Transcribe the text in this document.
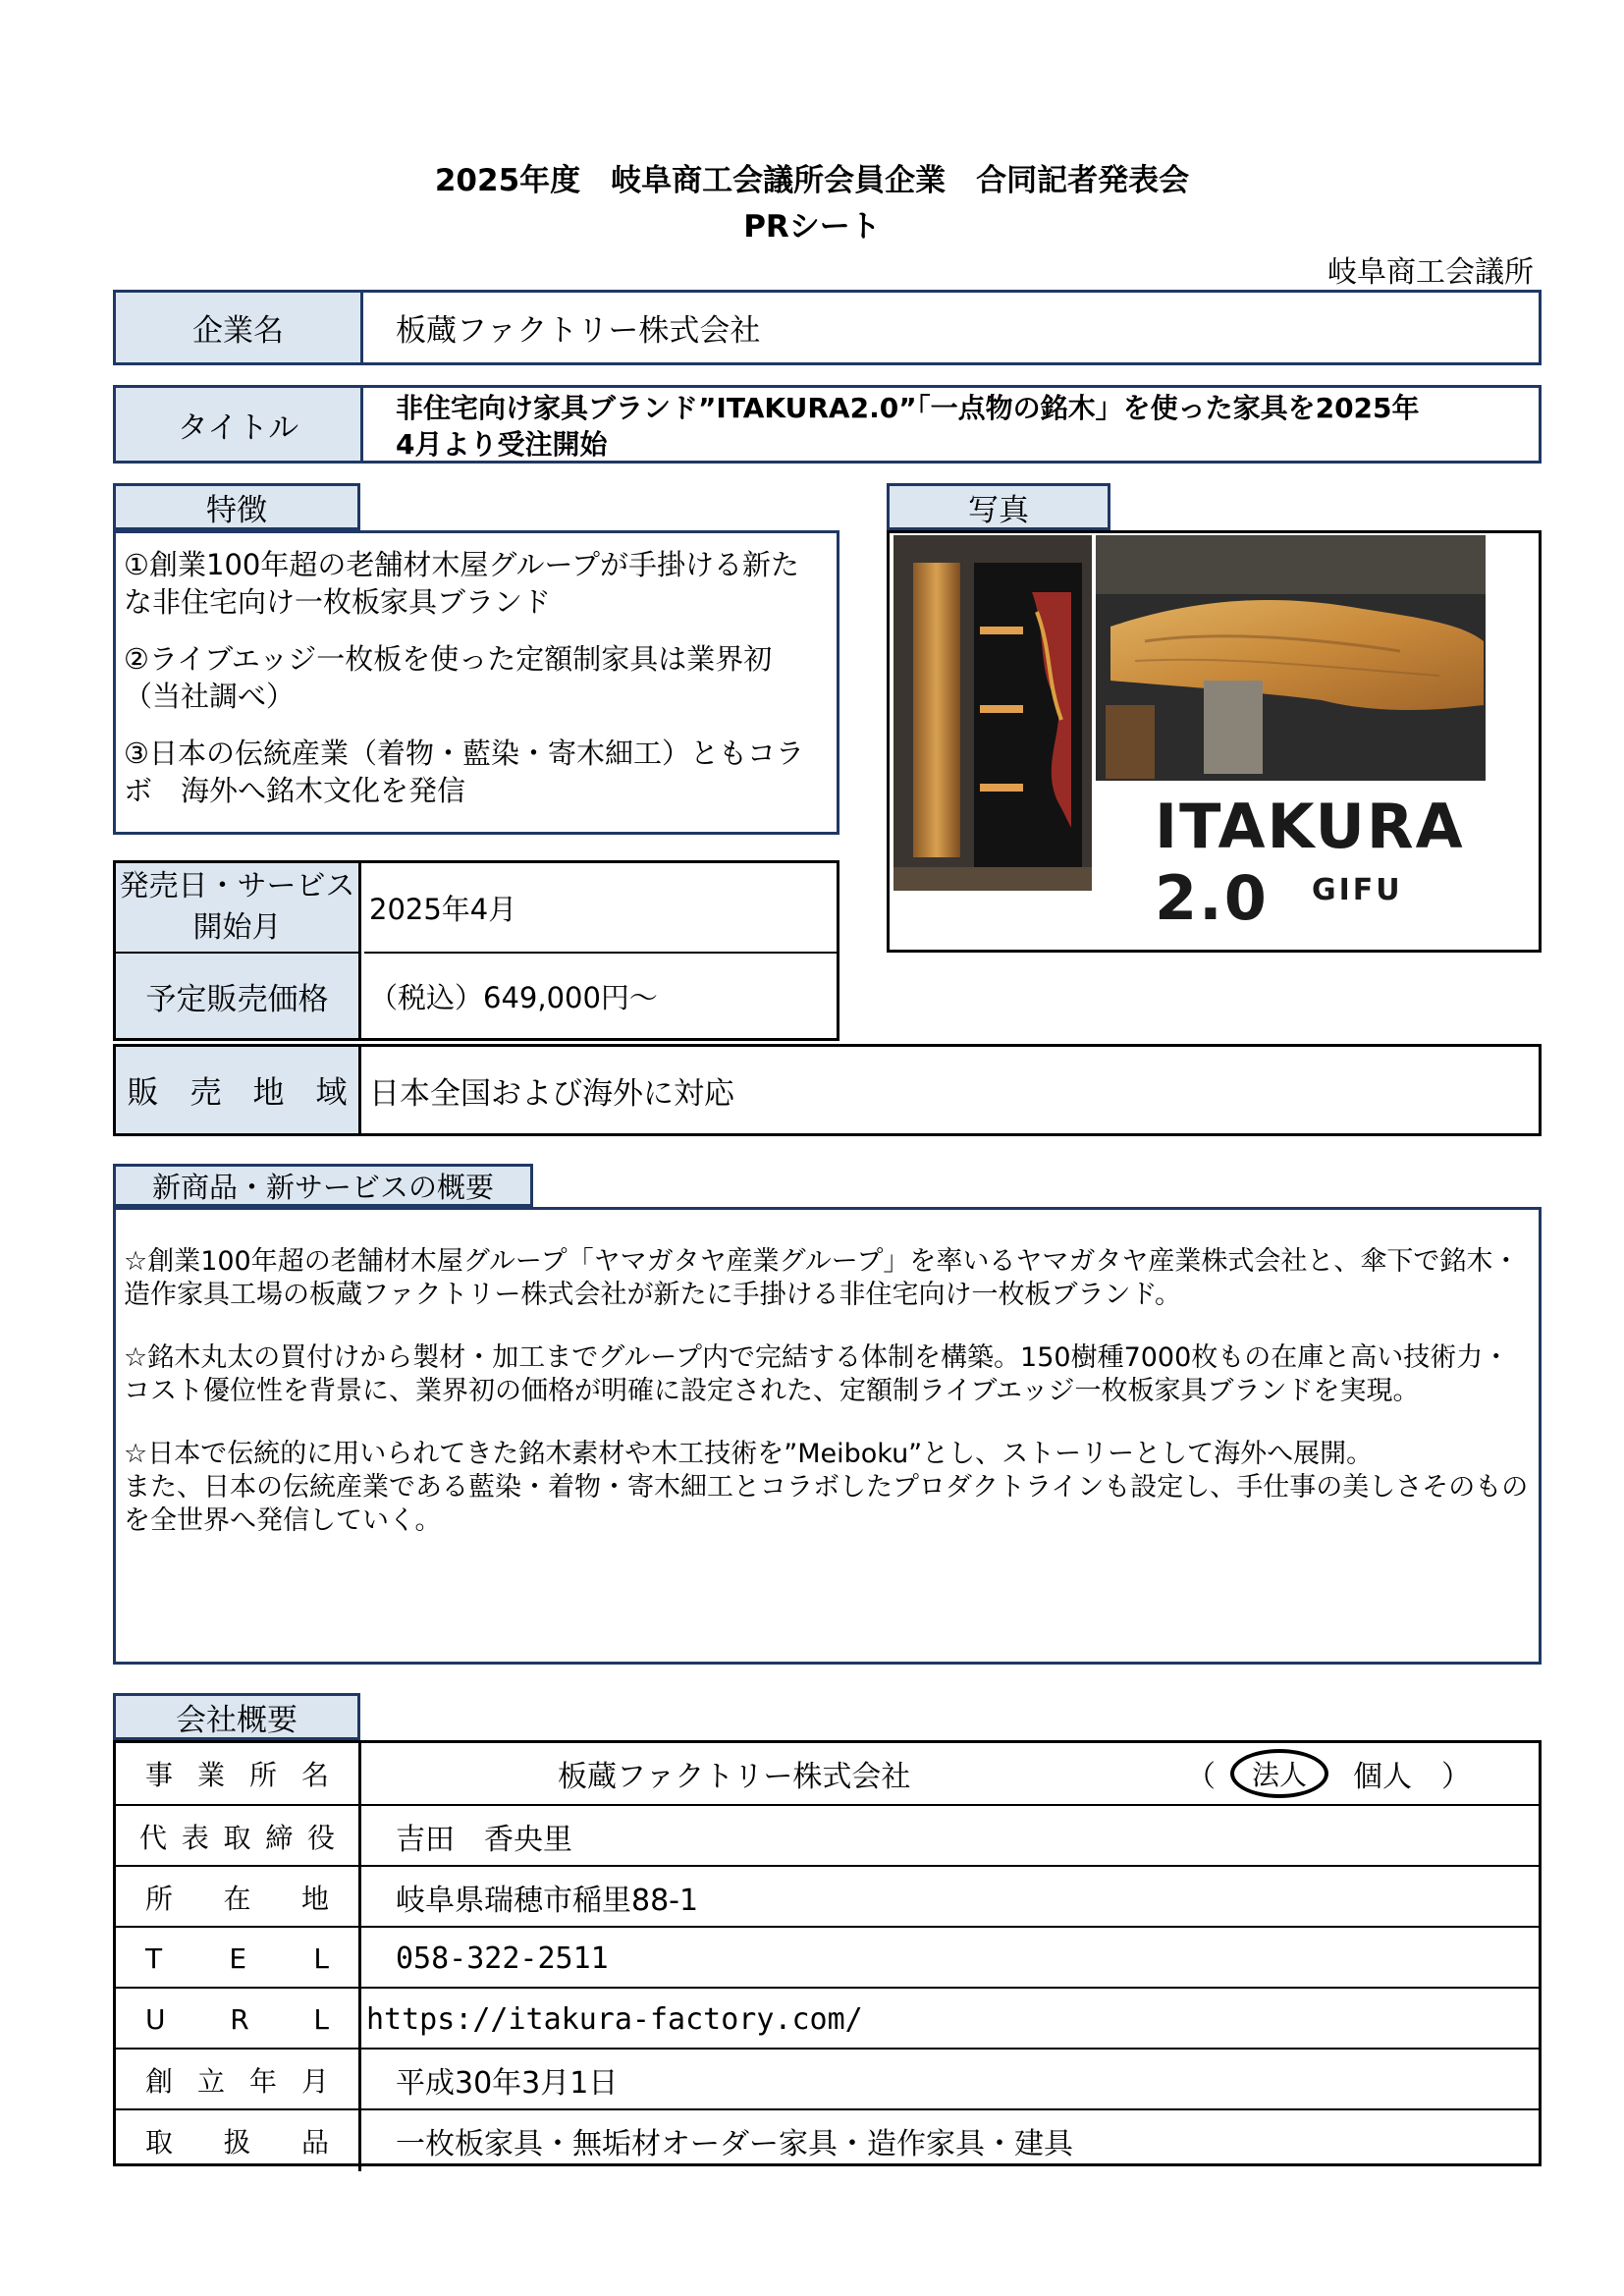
2025年度　岐阜商工会議所会員企業　合同記者発表会
PRシート
岐阜商工会議所
企業名	板蔵ファクトリー株式会社
タイトル
非住宅向け家具ブランド”ITAKURA2.0”「一点物の銘木」を使った家具を2025年
4月より受注開始
特徴

①創業100年超の老舗材木屋グループが手掛ける新たな非住宅向け一枚板家具ブランド

②ライブエッジ一枚板を使った定額制家具は業界初（当社調べ）

③日本の伝統産業（着物・藍染・寄木細工）ともコラボ　海外へ銘木文化を発信

写真
ITAKURA 2.0	GIFU
発売日・サービス
開始月
2025年4月
予定販売価格	（税込）649,000円～
販　売　地　域 日本全国および海外に対応
新商品・新サービスの概要

☆創業100年超の老舗材木屋グループ「ヤマガタヤ産業グループ」を率いるヤマガタヤ産業株式会社と、傘下で銘木・造作家具工場の板蔵ファクトリー株式会社が新たに手掛ける非住宅向け一枚板ブランド。

☆銘木丸太の買付けから製材・加工までグループ内で完結する体制を構築。150樹種7000枚もの在庫と高い技術力・コスト優位性を背景に、業界初の価格が明確に設定された、定額制ライブエッジ一枚板家具ブランドを実現。

☆日本で伝統的に用いられてきた銘木素材や木工技術を”Meiboku”とし、ストーリーとして海外へ展開。
また、日本の伝統産業である藍染・着物・寄木細工とコラボしたプロダクトラインも設定し、手仕事の美しさそのものを全世界へ発信していく。

会社概要
事 業 所 名	板蔵ファクトリー株式会社	（	法人	個人 ）
代 表 取 締 役	吉田　香央里
所 在 地	岐阜県瑞穂市稲里88-1
T E L	058-322-2511
U R L https://itakura-factory.com/
創 立 年 月	平成30年3月1日
取 扱 品	一枚板家具・無垢材オーダー家具・造作家具・建具
